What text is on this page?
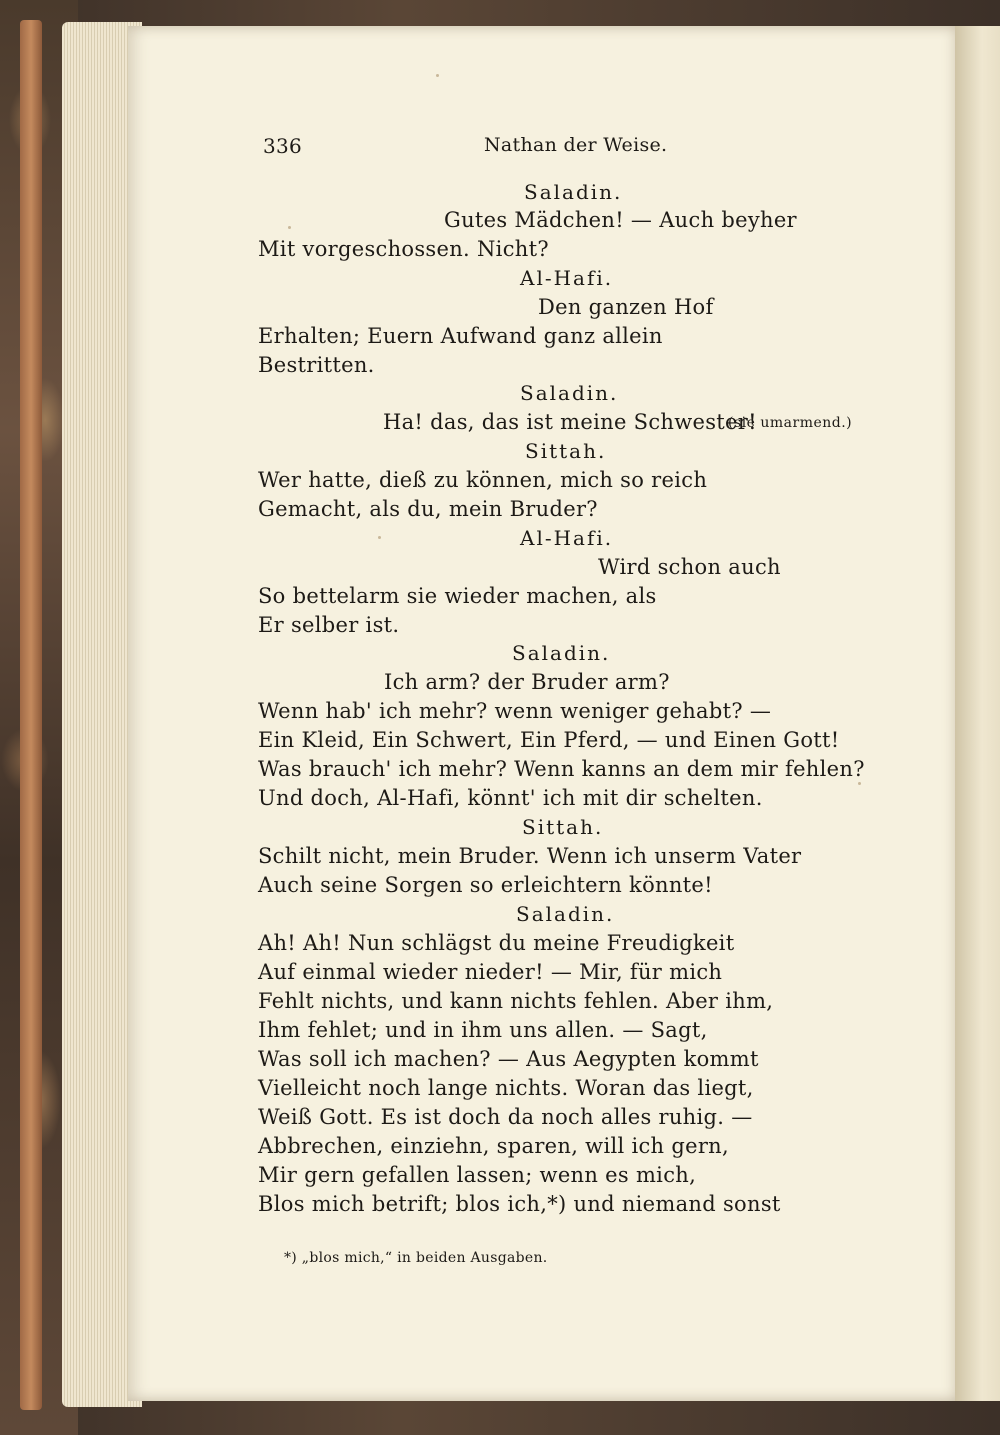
336	Nathan der Weise.
Saladin.
Gutes Mädchen! — Auch beyher
Mit vorgeschossen. Nicht?
Al-Hafi.
Den ganzen Hof
Erhalten; Euern Aufwand ganz allein
Bestritten.
Saladin.
Ha! das, das ist meine Schwester!
(sie umarmend.)
Sittah.
Wer hatte, dieß zu können, mich so reich
Gemacht, als du, mein Bruder?
Al-Hafi.
Wird schon auch
So bettelarm sie wieder machen, als
Er selber ist.
Saladin.
Ich arm? der Bruder arm?
Wenn hab' ich mehr? wenn weniger gehabt? —
Ein Kleid, Ein Schwert, Ein Pferd, — und Einen Gott!
Was brauch' ich mehr? Wenn kanns an dem mir fehlen?
Und doch, Al-Hafi, könnt' ich mit dir schelten.
Sittah.
Schilt nicht, mein Bruder. Wenn ich unserm Vater
Auch seine Sorgen so erleichtern könnte!
Saladin.
Ah! Ah! Nun schlägst du meine Freudigkeit
Auf einmal wieder nieder! — Mir, für mich
Fehlt nichts, und kann nichts fehlen. Aber ihm,
Ihm fehlet; und in ihm uns allen. — Sagt,
Was soll ich machen? — Aus Aegypten kommt
Vielleicht noch lange nichts. Woran das liegt,
Weiß Gott. Es ist doch da noch alles ruhig. —
Abbrechen, einziehn, sparen, will ich gern,
Mir gern gefallen lassen; wenn es mich,
Blos mich betrift; blos ich,*) und niemand sonst
*) „blos mich,“ in beiden Ausgaben.
